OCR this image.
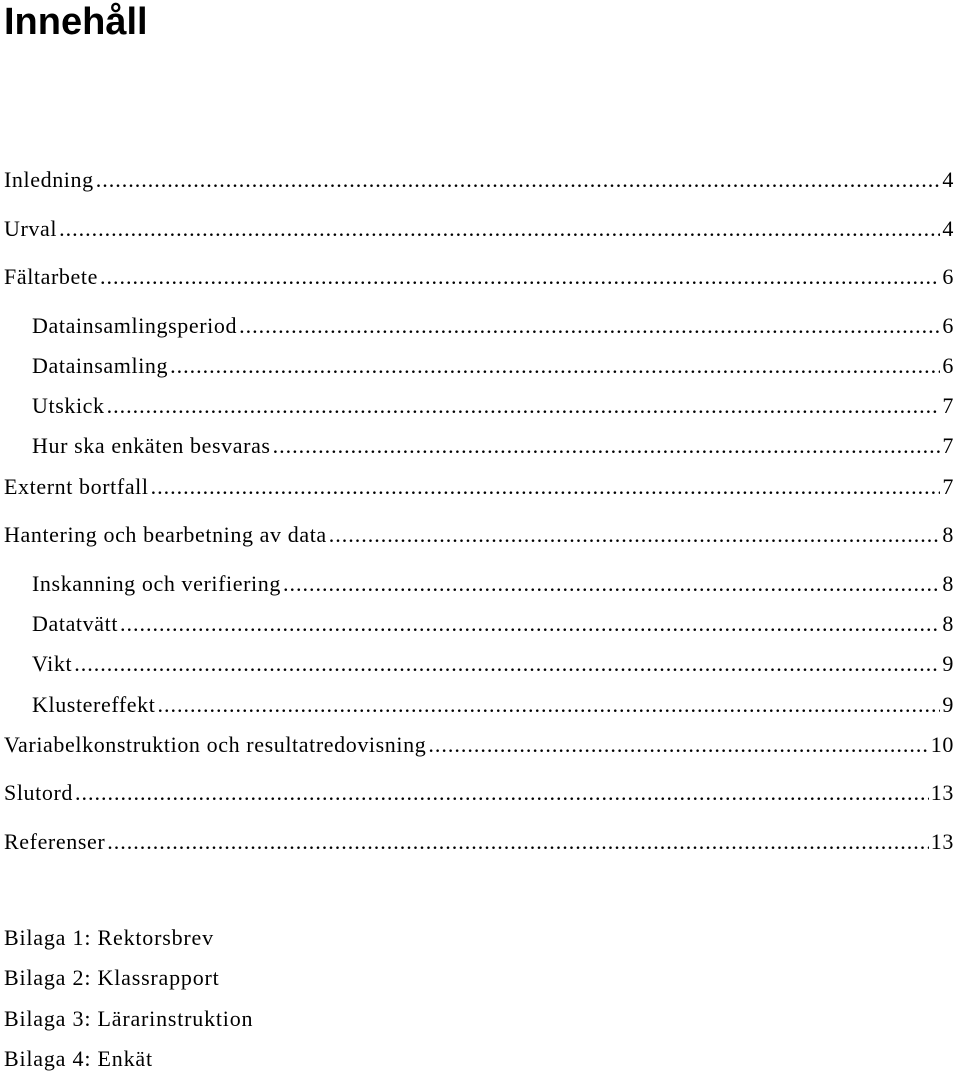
Innehåll
Inledning .....	4
Urval .....	4
Fältarbete .....	6
Datainsamlingsperiod .....	6
Datainsamling .....	6
Utskick .....	7
Hur ska enkäten besvaras .....	7
Externt bortfall .....	7
Hantering och bearbetning av data .....	8
Inskanning och verifiering .....	8
Datatvätt .....	8
Vikt .....	9
Klustereffekt .....	9
Variabelkonstruktion och resultatredovisning .....	10
Slutord .....	13
Referenser .....	13
Bilaga 1: Rektorsbrev
Bilaga 2: Klassrapport
Bilaga 3: Lärarinstruktion
Bilaga 4: Enkät
